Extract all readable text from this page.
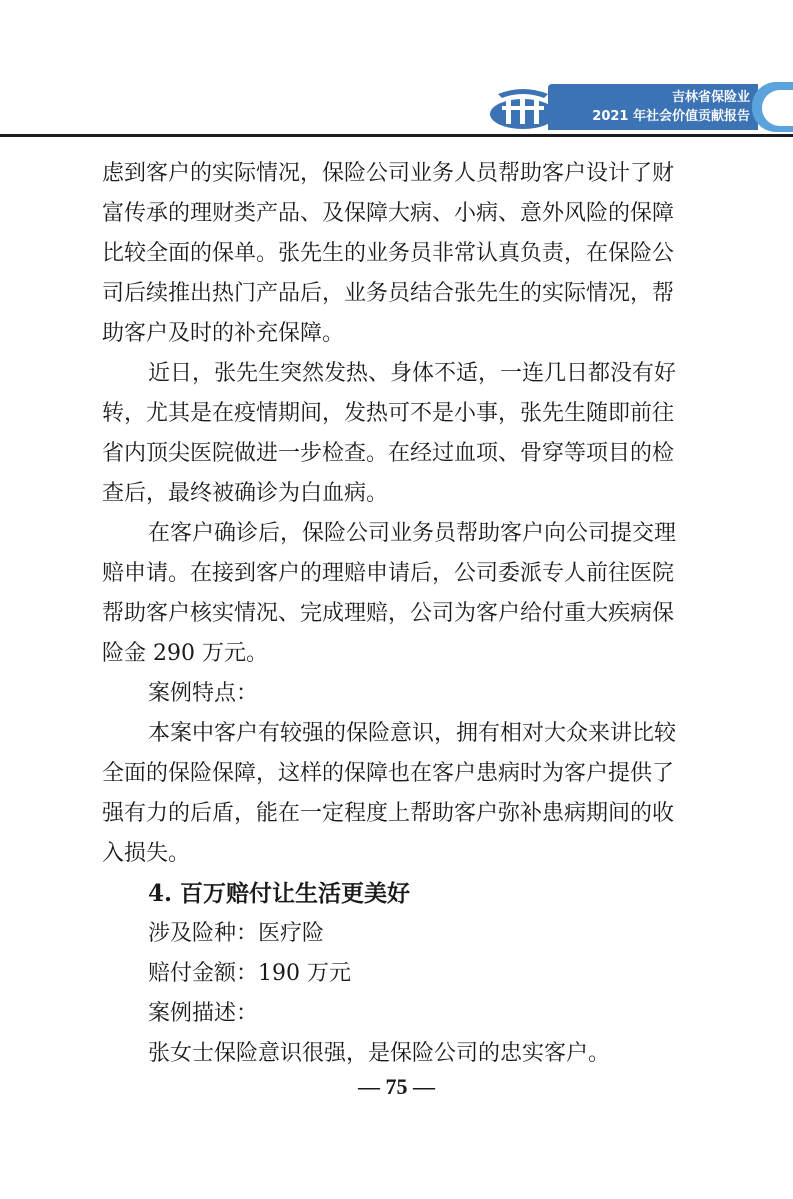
吉林省保险业
2021 年社会价值贡献报告

虑到客户的实际情况，保险公司业务人员帮助客户设计了财富传承的理财类产品、及保障大病、小病、意外风险的保障比较全面的保单。张先生的业务员非常认真负责，在保险公司后续推出热门产品后，业务员结合张先生的实际情况，帮助客户及时的补充保障。

近日，张先生突然发热、身体不适，一连几日都没有好转，尤其是在疫情期间，发热可不是小事，张先生随即前往省内顶尖医院做进一步检查。在经过血项、骨穿等项目的检查后，最终被确诊为白血病。

在客户确诊后，保险公司业务员帮助客户向公司提交理赔申请。在接到客户的理赔申请后，公司委派专人前往医院帮助客户核实情况、完成理赔，公司为客户给付重大疾病保险金 290 万元。

案例特点：

本案中客户有较强的保险意识，拥有相对大众来讲比较全面的保险保障，这样的保障也在客户患病时为客户提供了强有力的后盾，能在一定程度上帮助客户弥补患病期间的收入损失。

4. 百万赔付让生活更美好

涉及险种：医疗险

赔付金额：190 万元

案例描述：

张女士保险意识很强，是保险公司的忠实客户。

— 75 —
